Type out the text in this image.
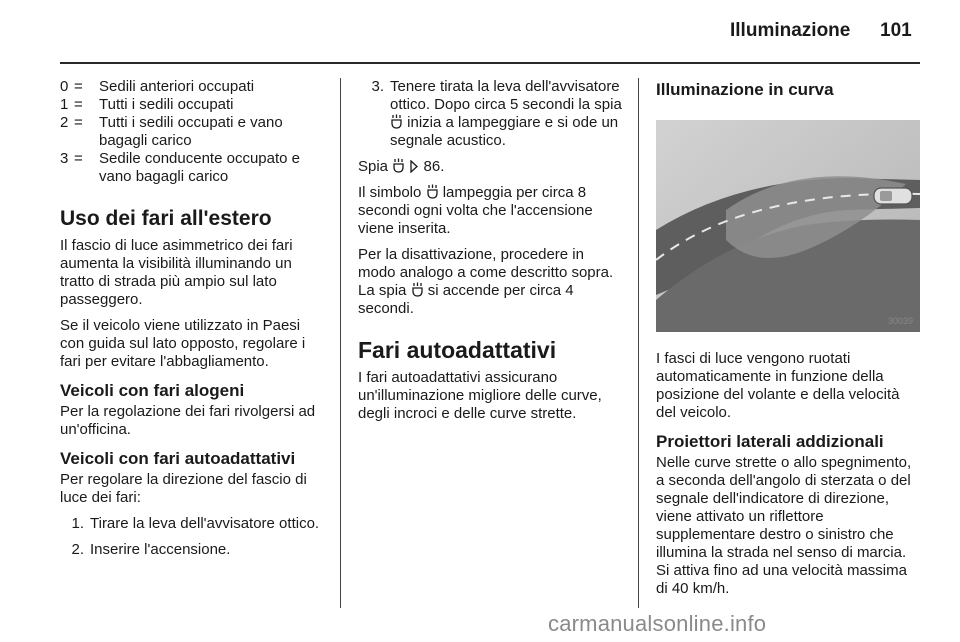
Illuminazione 101
0 =	Sedili anteriori occupati
1 =	Tutti i sedili occupati
2 =	Tutti i sedili occupati e vano bagagli carico
3 =	Sedile conducente occupato e vano bagagli carico
Uso dei fari all'estero

Il fascio di luce asimmetrico dei fari aumenta la visibilità illuminando un tratto di strada più ampio sul lato passeggero.

Se il veicolo viene utilizzato in Paesi con guida sul lato opposto, regolare i fari per evitare l'abbagliamento.

Veicoli con fari alogeni

Per la regolazione dei fari rivolgersi ad un'officina.

Veicoli con fari autoadattativi

Per regolare la direzione del fascio di luce dei fari:

1. Tirare la leva dell'avvisatore ottico.
2. Inserire l'accensione.
3. Tenere tirata la leva dell'avvisatore ottico. Dopo circa 5 secondi la spia  inizia a lampeggiare e si ode un segnale acustico.

Spia 86.

Il simbolo lampeggia per circa 8 secondi ogni volta che l'accensione viene inserita.

Per la disattivazione, procedere in modo analogo a come descritto sopra. La spia si accende per circa 4 secondi.

Fari autoadattativi

I fari autoadattativi assicurano un'illuminazione migliore delle curve, degli incroci e delle curve strette.

Illuminazione in curva
30039

I fasci di luce vengono ruotati automaticamente in funzione della posizione del volante e della velocità del veicolo.

Proiettori laterali addizionali

Nelle curve strette o allo spegnimento, a seconda dell'angolo di sterzata o del segnale dell'indicatore di direzione, viene attivato un riflettore supplementare destro o sinistro che illumina la strada nel senso di marcia. Si attiva fino ad una velocità massima di 40 km/h.

carmanualsonline.info
